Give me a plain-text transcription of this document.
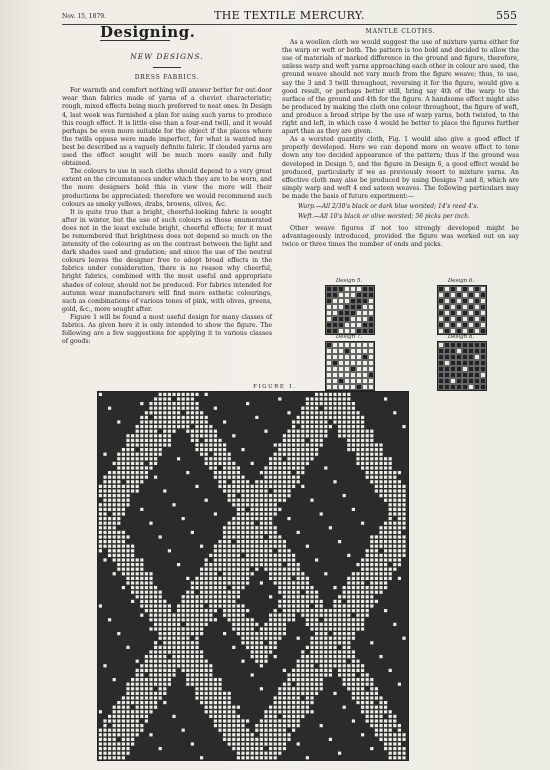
Nov. 15, 1879.	THE TEXTILE MERCURY.	555
Designing.
NEW DESIGNS.
DRESS FABRICS.

For warmth and comfort nothing will answer better for out-door wear than fabrics made of yarns of a cheviot characteristic; rough, mixed effects being much preferred to neat ones. In Design 4, last week was furnished a plan for using such yarns to produce this rough effect. It is little else than a four-end twill, and it would perhaps be even more suitable for the object if the places where the twills oppose were made imperfect, for what is wanted may best be described as a vaguely definite fabric. If clouded yarns are used the effect sought will be much more easily and fully obtained.

The colours to use in such cloths should depend to a very great extent on the circumstances under which they are to be worn, and the more designers hold this in view the more will their productions be appreciated; therefore we would recommend such colours as smoky yellows, drabs, browns, olives, &c.

It is quite true that a bright, cheerful-looking fabric is sought after in winter, but the use of such colours as those enumerated does not in the least exclude bright, cheerful effects; for it must be remembered that brightness does not depend so much on the intensity of the colouring as on the contrast between the light and dark shades used and gradation; and since the use of the neutral colours leaves the designer free to adopt broad effects in the fabrics under consideration, there is no reason why cheerful, bright fabrics, combined with the most useful and appropriate shades of colour, should not be produced. For fabrics intended for autumn wear manufacturers will find more esthetic colourings, such as combinations of various tones of pink, with olives, greens, gold, &c., more sought after.

Figure 1 will be found a most useful design for many classes of fabrics. As given here it is only intended to show the figure. The following are a few suggestions for applying it to various classes of goods:

MANTLE CLOTHS.

As a woollen cloth we would suggest the use of mixture yarns either for the warp or weft or both. The pattern is too bold and decided to allow the use of materials of marked difference in the ground and figure, therefore, unless warp and weft yarns approaching each other in colour are used, the ground weave should not vary much from the figure weave; thus, to use, say the 3 and 3 twill throughout, reversing it for the figure, would give a good result, or perhaps better still, bring say 4th of the warp to the surface of the ground and 4th for the figure. A handsome effect might also be produced by making the cloth one colour throughout, the figure of weft, and produce a broad stripe by the use of warp yarns, both twisted, to the right and left, in which case 4 would be better to place the figures further apart than as they are given.

As a worsted quantity cloth, Fig. 1 would also give a good effect if properly developed. Here we can depend more on weave effect to tone down any too decided appearance of the pattern; thus if the ground was developed in Design 5, and the figure in Design 6, a good effect would be produced, particularly if we as previously resort to mixture yarns. An effective cloth may also be produced by using Designs 7 and 8, which are simply warp and weft 4 end sateen weaves. The following particulars may be made the basis of future experiment:—

Warp.—All 2/30's black or dark blue worsted; 14's reed 4's.
Weft.—All 10's black or olive worsted; 56 picks per inch.

Other weave figures if not too strongly developed might be advantageously introduced, provided the figure was worked out on say twice or three times the number of ends and picks.

Design 5.	Design 6.
Design 7.	Design 8.
FIGURE 1.
